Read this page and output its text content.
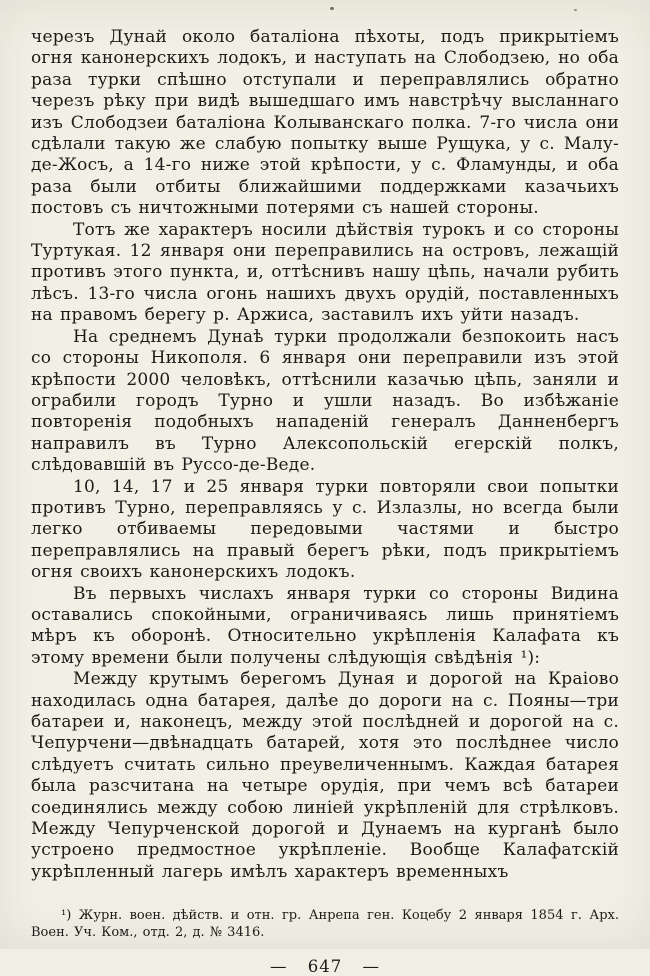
черезъ Дунай около баталіона пѣхоты, подъ прикрытіемъ огня канонерскихъ лодокъ, и наступать на Слободзею, но оба раза турки спѣшно отступали и переправлялись обратно черезъ рѣку при видѣ вышедшаго имъ навстрѣчу высланнаго изъ Слободзеи баталіона Колыванскаго полка. 7-го числа они сдѣлали такую же слабую попытку выше Рущука, у с. Малу-де-Жосъ, а 14-го ниже этой крѣпости, у с. Фламунды, и оба раза были отбиты ближайшими поддержками казачьихъ постовъ съ ничтожными потерями съ нашей стороны.

Тотъ же характеръ носили дѣйствія турокъ и со стороны Туртукая. 12 января они переправились на островъ, лежащій противъ этого пункта, и, оттѣснивъ нашу цѣпь, начали рубить лѣсъ. 13-го числа огонь нашихъ двухъ орудій, поставленныхъ на правомъ берегу р. Аржиса, заставилъ ихъ уйти назадъ.

На среднемъ Дунаѣ турки продолжали безпокоить насъ со стороны Никополя. 6 января они переправили изъ этой крѣпости 2000 человѣкъ, оттѣснили казачью цѣпь, заняли и ограбили городъ Турно и ушли назадъ. Во избѣжаніе повторенія подобныхъ нападеній генералъ Данненбергъ направилъ въ Турно Алексопольскій егерскій полкъ, слѣдовавшій въ Руссо-де-Веде.

10, 14, 17 и 25 января турки повторяли свои попытки противъ Турно, переправляясь у с. Излазлы, но всегда были легко отбиваемы передовыми частями и быстро переправлялись на правый берегъ рѣки, подъ прикрытіемъ огня своихъ канонерскихъ лодокъ.

Въ первыхъ числахъ января турки со стороны Видина оставались спокойными, ограничиваясь лишь принятіемъ мѣръ къ оборонѣ. Относительно укрѣпленія Калафата къ этому времени были получены слѣдующія свѣдѣнія ¹):

Между крутымъ берегомъ Дуная и дорогой на Краіово находилась одна батарея, далѣе до дороги на с. Пояны—три батареи и, наконецъ, между этой послѣдней и дорогой на с. Чепурчени—двѣнадцать батарей, хотя это послѣднее число слѣдуетъ считать сильно преувеличеннымъ. Каждая батарея была разсчитана на четыре орудія, при чемъ всѣ батареи соединялись между собою линіей укрѣпленій для стрѣлковъ. Между Чепурченской дорогой и Дунаемъ на курганѣ было устроено предмостное укрѣпленіе. Вообще Калафатскій укрѣпленный лагерь имѣлъ характеръ временныхъ

¹) Журн. воен. дѣйств. и отн. гр. Анрепа ген. Коцебу 2 января 1854 г. Арх. Воен. Уч. Ком., отд. 2, д. № 3416.
— 647 —
